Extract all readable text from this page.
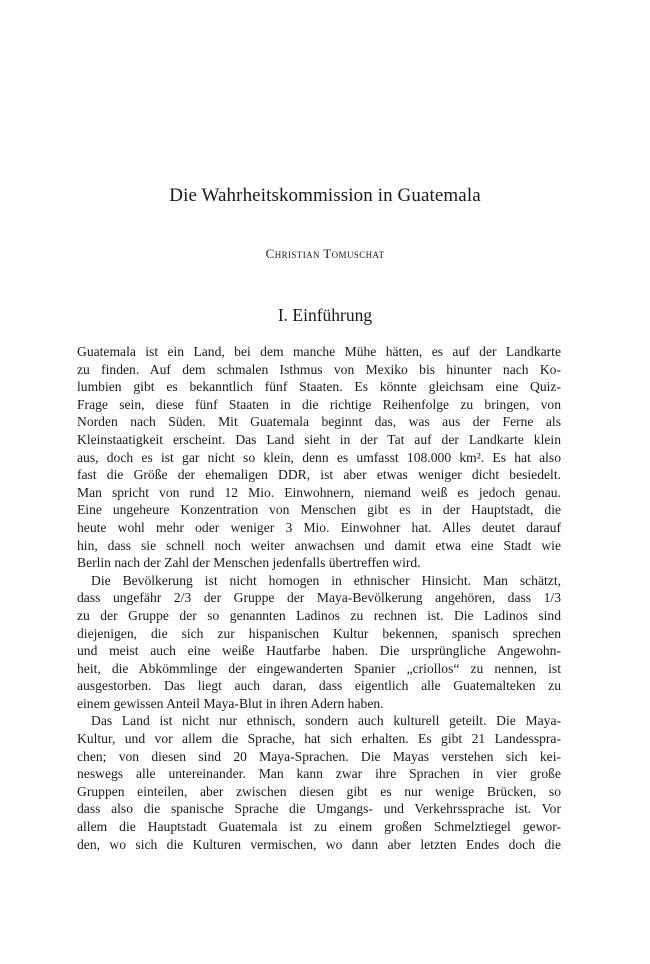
Die Wahrheitskommission in Guatemala
Christian Tomuschat
I. Einführung

Guatemala ist ein Land, bei dem manche Mühe hätten, es auf der Landkarte
zu finden. Auf dem schmalen Isthmus von Mexiko bis hinunter nach Ko-
lumbien gibt es bekanntlich fünf Staaten. Es könnte gleichsam eine Quiz-
Frage sein, diese fünf Staaten in die richtige Reihenfolge zu bringen, von
Norden nach Süden. Mit Guatemala beginnt das, was aus der Ferne als
Kleinstaatigkeit erscheint. Das Land sieht in der Tat auf der Landkarte klein
aus, doch es ist gar nicht so klein, denn es umfasst 108.000 km². Es hat also
fast die Größe der ehemaligen DDR, ist aber etwas weniger dicht besiedelt.
Man spricht von rund 12 Mio. Einwohnern, niemand weiß es jedoch genau.
Eine ungeheure Konzentration von Menschen gibt es in der Hauptstadt, die
heute wohl mehr oder weniger 3 Mio. Einwohner hat. Alles deutet darauf
hin, dass sie schnell noch weiter anwachsen und damit etwa eine Stadt wie
Berlin nach der Zahl der Menschen jedenfalls übertreffen wird.

Die Bevölkerung ist nicht homogen in ethnischer Hinsicht. Man schätzt,
dass ungefähr 2/3 der Gruppe der Maya-Bevölkerung angehören, dass 1/3
zu der Gruppe der so genannten Ladinos zu rechnen ist. Die Ladinos sind
diejenigen, die sich zur hispanischen Kultur bekennen, spanisch sprechen
und meist auch eine weiße Hautfarbe haben. Die ursprüngliche Angewohn-
heit, die Abkömmlinge der eingewanderten Spanier „criollos“ zu nennen, ist
ausgestorben. Das liegt auch daran, dass eigentlich alle Guatemalteken zu
einem gewissen Anteil Maya-Blut in ihren Adern haben.

Das Land ist nicht nur ethnisch, sondern auch kulturell geteilt. Die Maya-
Kultur, und vor allem die Sprache, hat sich erhalten. Es gibt 21 Landesspra-
chen; von diesen sind 20 Maya-Sprachen. Die Mayas verstehen sich kei-
neswegs alle untereinander. Man kann zwar ihre Sprachen in vier große
Gruppen einteilen, aber zwischen diesen gibt es nur wenige Brücken, so
dass also die spanische Sprache die Umgangs- und Verkehrssprache ist. Vor
allem die Hauptstadt Guatemala ist zu einem großen Schmelztiegel gewor-
den, wo sich die Kulturen vermischen, wo dann aber letzten Endes doch die
